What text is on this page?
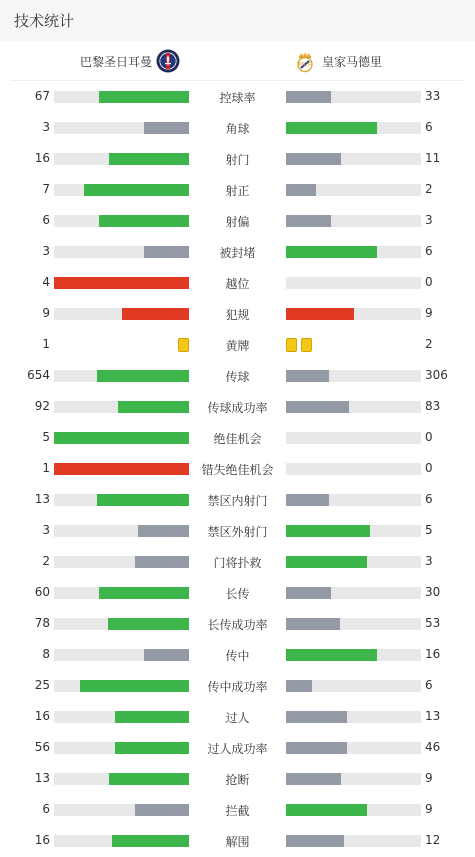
技术统计
巴黎圣日耳曼	MCF 皇家马德里
67	控球率	33
3	角球	6
16	射门	11
7	射正	2
6	射偏	3
3	被封堵	6
4	越位	0
9	犯规	9
1	黄牌	2
654	传球	306
92	传球成功率	83
5	绝佳机会	0
1	错失绝佳机会	0
13	禁区内射门	6
3	禁区外射门	5
2	门将扑救	3
60	长传	30
78	长传成功率	53
8	传中	16
25	传中成功率	6
16	过人	13
56	过人成功率	46
13	抢断	9
6	拦截	9
16	解围	12
